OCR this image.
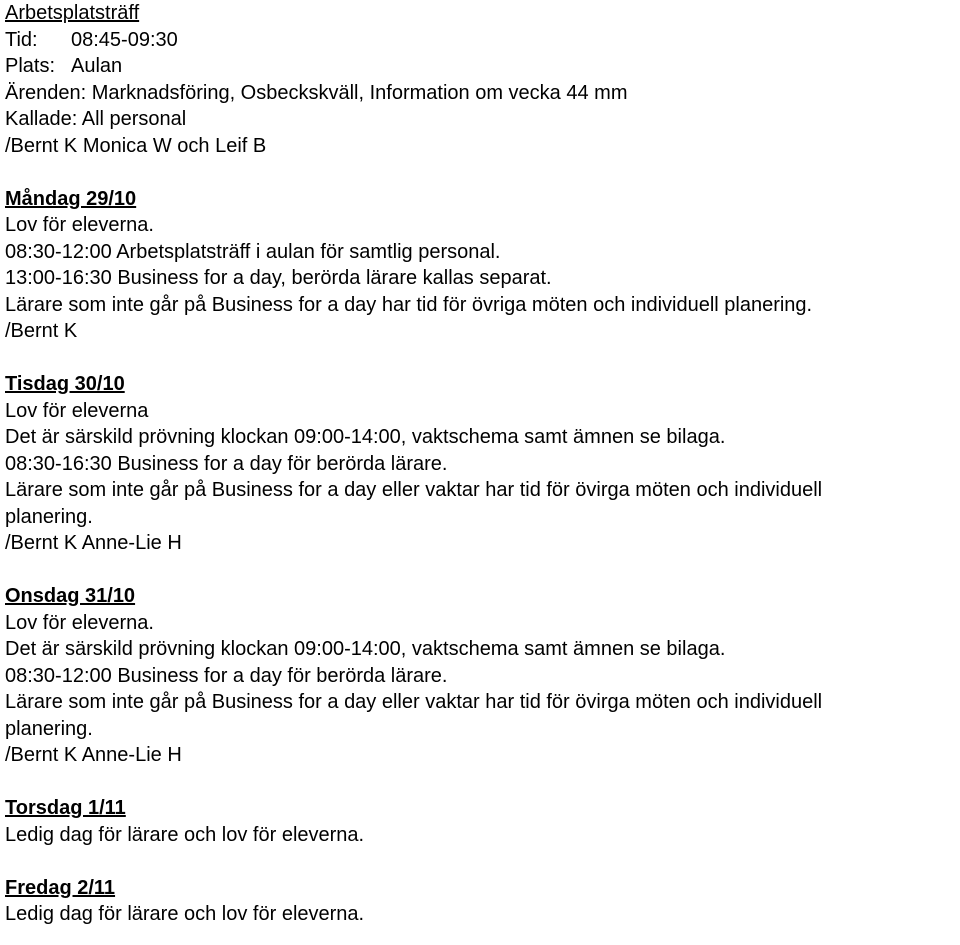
Arbetsplatsträff
Tid: 08:45-09:30
Plats: Aulan
Ärenden: Marknadsföring, Osbeckskväll, Information om vecka 44 mm
Kallade: All personal
/Bernt K Monica W och Leif B
Måndag 29/10
Lov för eleverna.
08:30-12:00 Arbetsplatsträff i aulan för samtlig personal.
13:00-16:30 Business for a day, berörda lärare kallas separat.
Lärare som inte går på Business for a day har tid för övriga möten och individuell planering.
/Bernt K
Tisdag 30/10
Lov för eleverna
Det är särskild prövning klockan 09:00-14:00, vaktschema samt ämnen se bilaga.
08:30-16:30 Business for a day för berörda lärare.
Lärare som inte går på Business for a day eller vaktar har tid för övirga möten och individuell
planering.
/Bernt K Anne-Lie H
Onsdag 31/10
Lov för eleverna.
Det är särskild prövning klockan 09:00-14:00, vaktschema samt ämnen se bilaga.
08:30-12:00 Business for a day för berörda lärare.
Lärare som inte går på Business for a day eller vaktar har tid för övirga möten och individuell
planering.
/Bernt K Anne-Lie H
Torsdag 1/11
Ledig dag för lärare och lov för eleverna.
Fredag 2/11
Ledig dag för lärare och lov för eleverna.
